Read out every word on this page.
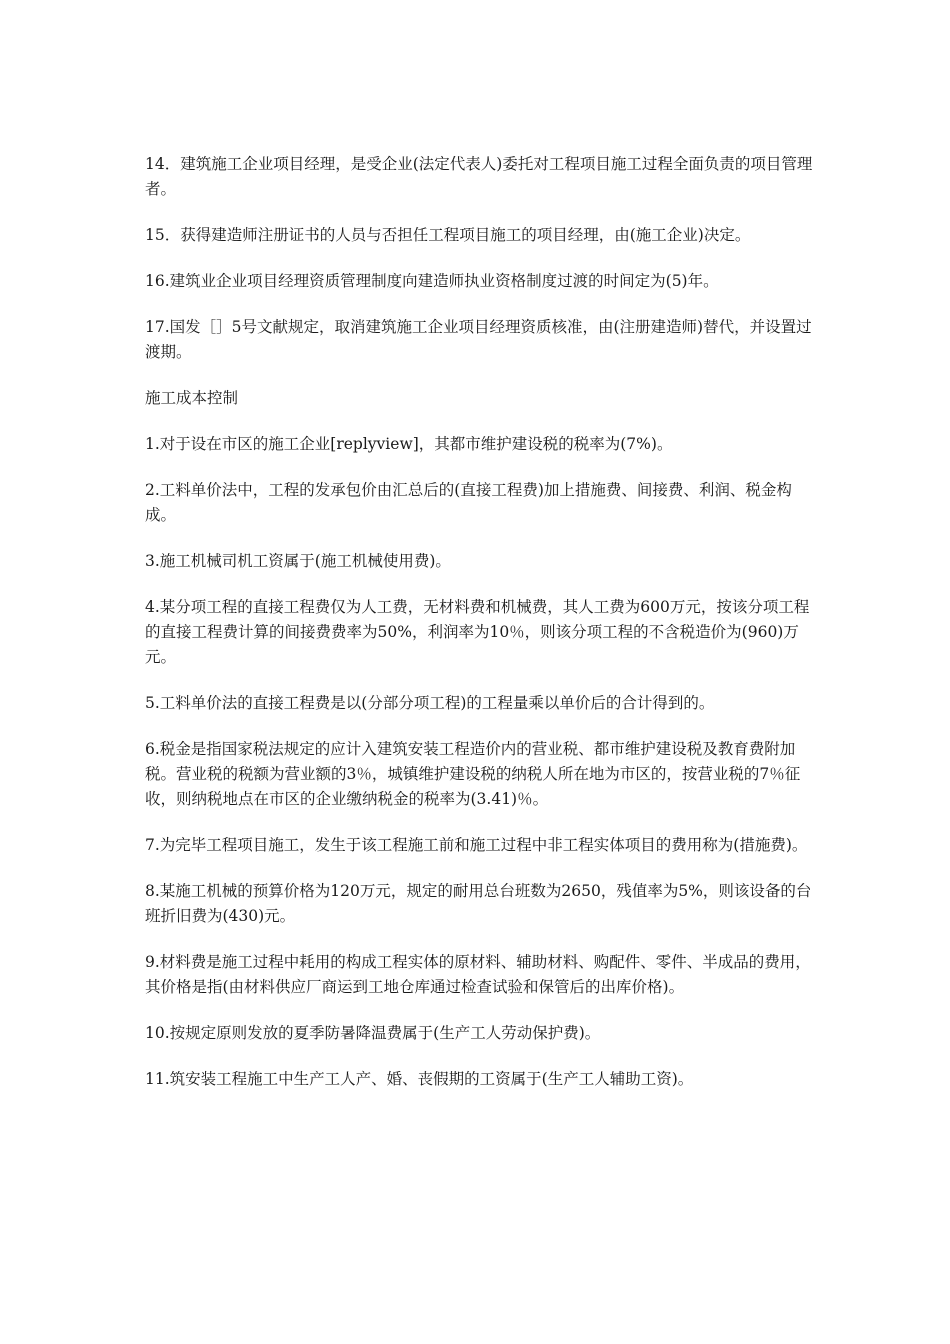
14．建筑施工企业项目经理，是受企业(法定代表人)委托对工程项目施工过程全面负责的项目管理者。

15．获得建造师注册证书的人员与否担任工程项目施工的项目经理，由(施工企业)决定。

16.建筑业企业项目经理资质管理制度向建造师执业资格制度过渡的时间定为(5)年。

17.国发［］5号文献规定，取消建筑施工企业项目经理资质核准，由(注册建造师)替代，并设置过渡期。

施工成本控制

1.对于设在市区的施工企业[replyview]，其都市维护建设税的税率为(7%)。

2.工料单价法中，工程的发承包价由汇总后的(直接工程费)加上措施费、间接费、利润、税金构成。

3.施工机械司机工资属于(施工机械使用费)。

4.某分项工程的直接工程费仅为人工费，无材料费和机械费，其人工费为600万元，按该分项工程的直接工程费计算的间接费费率为50%，利润率为10％，则该分项工程的不含税造价为(960)万元。

5.工料单价法的直接工程费是以(分部分项工程)的工程量乘以单价后的合计得到的。

6.税金是指国家税法规定的应计入建筑安装工程造价内的营业税、都市维护建设税及教育费附加税。营业税的税额为营业额的3％，城镇维护建设税的纳税人所在地为市区的，按营业税的7％征收，则纳税地点在市区的企业缴纳税金的税率为(3.41)％。

7.为完毕工程项目施工，发生于该工程施工前和施工过程中非工程实体项目的费用称为(措施费)。

8.某施工机械的预算价格为120万元，规定的耐用总台班数为2650，残值率为5%，则该设备的台班折旧费为(430)元。

9.材料费是施工过程中耗用的构成工程实体的原材料、辅助材料、购配件、零件、半成品的费用，其价格是指(由材料供应厂商运到工地仓库通过检查试验和保管后的出库价格)。

10.按规定原则发放的夏季防暑降温费属于(生产工人劳动保护费)。

11.筑安装工程施工中生产工人产、婚、丧假期的工资属于(生产工人辅助工资)。
